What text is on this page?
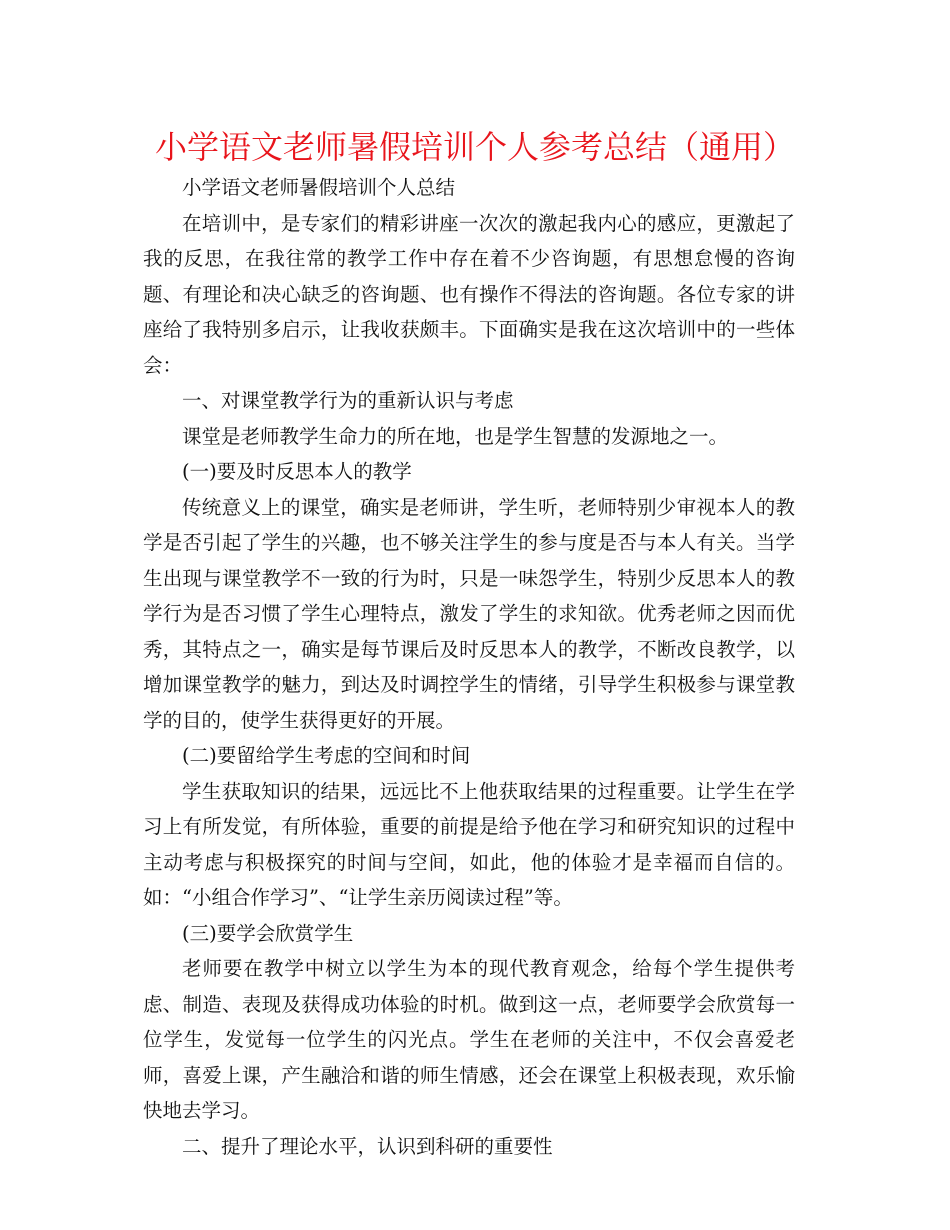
小学语文老师暑假培训个人参考总结（通用）

小学语文老师暑假培训个人总结

在培训中，是专家们的精彩讲座一次次的激起我内心的感应，更激起了我的反思，在我往常的教学工作中存在着不少咨询题，有思想怠慢的咨询题、有理论和决心缺乏的咨询题、也有操作不得法的咨询题。各位专家的讲座给了我特别多启示，让我收获颇丰。下面确实是我在这次培训中的一些体会：

一、对课堂教学行为的重新认识与考虑

课堂是老师教学生命力的所在地，也是学生智慧的发源地之一。

(一)要及时反思本人的教学

传统意义上的课堂，确实是老师讲，学生听，老师特别少审视本人的教学是否引起了学生的兴趣，也不够关注学生的参与度是否与本人有关。当学生出现与课堂教学不一致的行为时，只是一味怨学生，特别少反思本人的教学行为是否习惯了学生心理特点，激发了学生的求知欲。优秀老师之因而优秀，其特点之一，确实是每节课后及时反思本人的教学，不断改良教学，以增加课堂教学的魅力，到达及时调控学生的情绪，引导学生积极参与课堂教学的目的，使学生获得更好的开展。

(二)要留给学生考虑的空间和时间

学生获取知识的结果，远远比不上他获取结果的过程重要。让学生在学习上有所发觉，有所体验，重要的前提是给予他在学习和研究知识的过程中主动考虑与积极探究的时间与空间，如此，他的体验才是幸福而自信的。如：“小组合作学习”、“让学生亲历阅读过程”等。

(三)要学会欣赏学生

老师要在教学中树立以学生为本的现代教育观念，给每个学生提供考虑、制造、表现及获得成功体验的时机。做到这一点，老师要学会欣赏每一位学生，发觉每一位学生的闪光点。学生在老师的关注中，不仅会喜爱老师，喜爱上课，产生融洽和谐的师生情感，还会在课堂上积极表现，欢乐愉快地去学习。

二、提升了理论水平，认识到科研的重要性
